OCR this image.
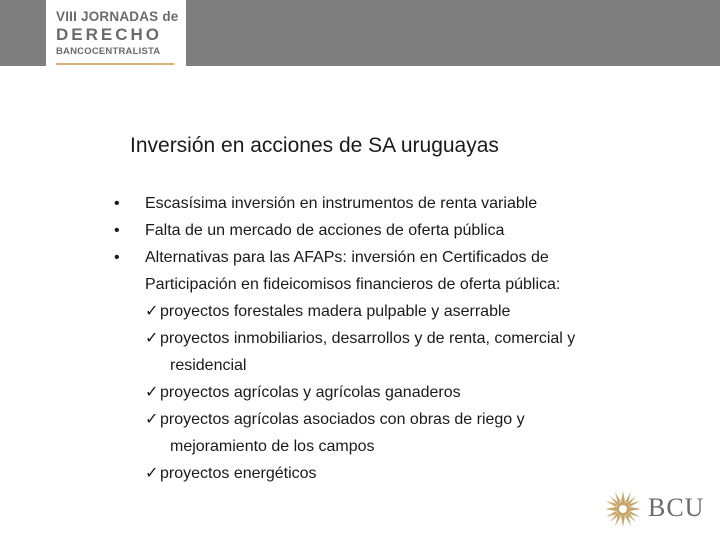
VIII JORNADAS de
DERECHO
BANCOCENTRALISTA
Inversión en acciones de SA uruguayas
• Escasísima inversión en instrumentos de renta variable
• Falta de un mercado de acciones de oferta pública
• Alternativas para las AFAPs: inversión en Certificados de
Participación en fideicomisos financieros de oferta pública:
✓ proyectos forestales madera pulpable y aserrable
✓ proyectos inmobiliarios, desarrollos y de renta, comercial y
residencial
✓ proyectos agrícolas y agrícolas ganaderos
✓ proyectos agrícolas asociados con obras de riego y
mejoramiento de los campos
✓ proyectos energéticos
BCU
